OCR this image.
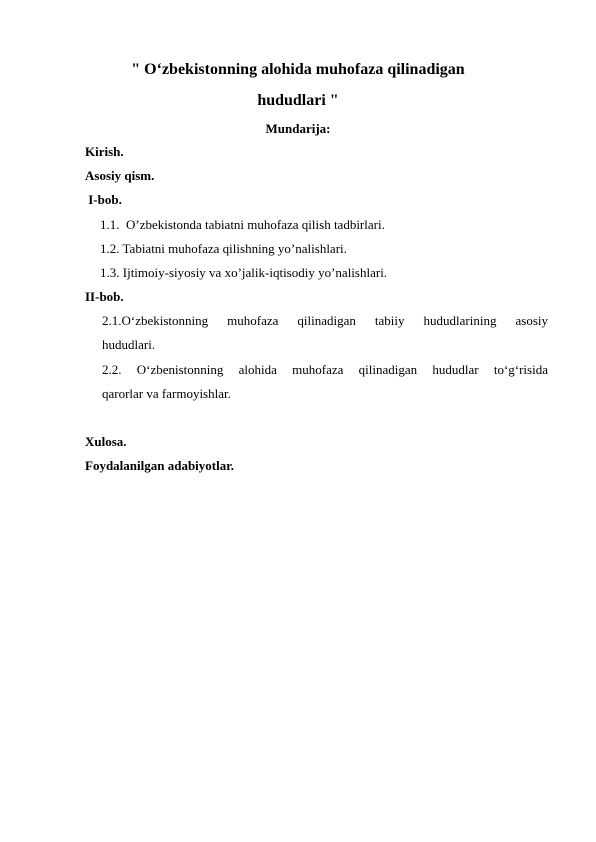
" O‘zbekistonning alohida muhofaza qilinadigan
hududlari "
Mundarija:
Kirish.
Asosiy qism.
I-bob.
1.1.  O’zbekistonda tabiatni muhofaza qilish tadbirlari.
1.2. Tabiatni muhofaza qilishning yo’nalishlari.
1.3. Ijtimoiy-siyosiy va xo’jalik-iqtisodiy yo’nalishlari.
II-bob.
2.1.O‘zbekistonning muhofaza qilinadigan tabiiy hududlarining asosiy
hududlari.
2.2. O‘zbenistonning alohida muhofaza qilinadigan hududlar to‘g‘risida
qarorlar va farmoyishlar.
Xulosa.
Foydalanilgan adabiyotlar.
